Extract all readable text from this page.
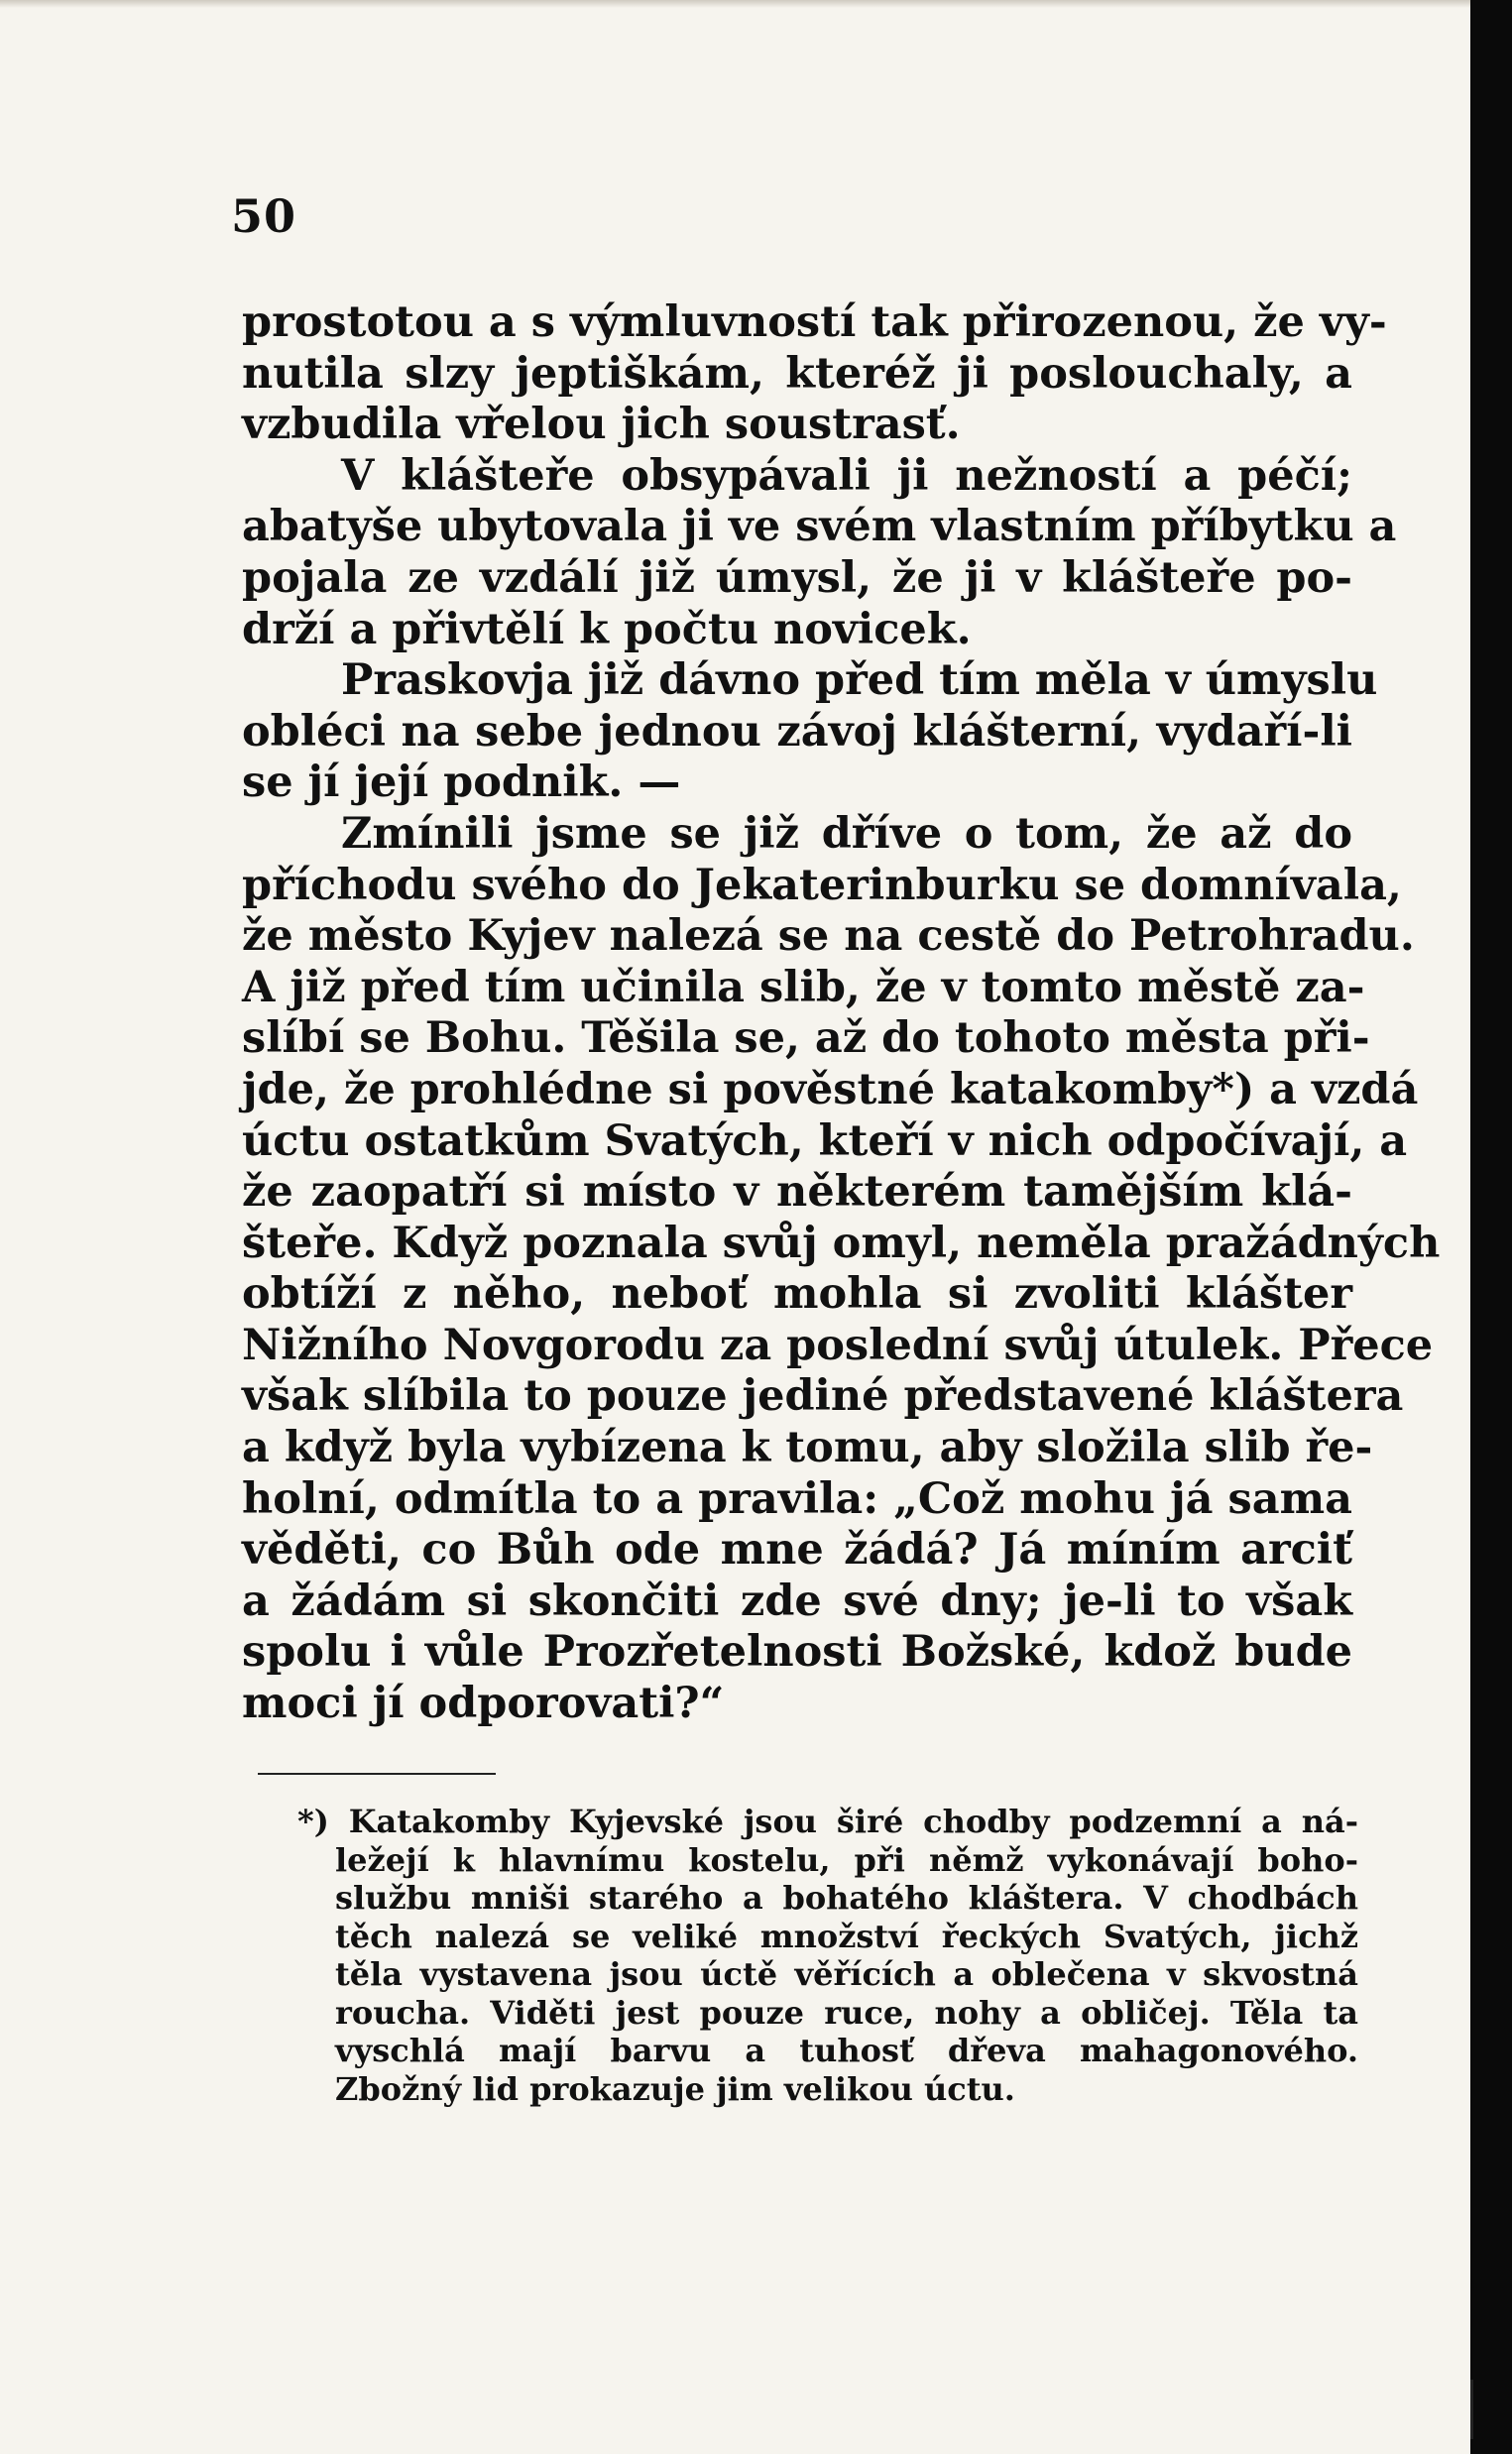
50
prostotou a s výmluvností tak přirozenou, že vy-
nutila slzy jeptiškám, kteréž ji poslouchaly, a
vzbudila vřelou jich soustrasť.
V klášteře obsypávali ji nežností a péčí;
abatyše ubytovala ji ve svém vlastním příbytku a
pojala ze vzdálí již úmysl, že ji v klášteře po-
drží a přivtělí k počtu novicek.
Praskovja již dávno před tím měla v úmyslu
obléci na sebe jednou závoj klášterní, vydaří-li
se jí její podnik. —
Zmínili jsme se již dříve o tom, že až do
příchodu svého do Jekaterinburku se domnívala,
že město Kyjev nalezá se na cestě do Petrohradu.
A již před tím učinila slib, že v tomto městě za-
slíbí se Bohu. Těšila se, až do tohoto města při-
jde, že prohlédne si pověstné katakomby*) a vzdá
úctu ostatkům Svatých, kteří v nich odpočívají, a
že zaopatří si místo v některém tamějším klá-
šteře. Když poznala svůj omyl, neměla pražádných
obtíží z něho, neboť mohla si zvoliti klášter
Nižního Novgorodu za poslední svůj útulek. Přece
však slíbila to pouze jediné představené kláštera
a když byla vybízena k tomu, aby složila slib ře-
holní, odmítla to a pravila: „Což mohu já sama
věděti, co Bůh ode mne žádá? Já míním arciť
a žádám si skončiti zde své dny; je-li to však
spolu i vůle Prozřetelnosti Božské, kdož bude
moci jí odporovati?“
*) Katakomby Kyjevské jsou širé chodby podzemní a ná-
ležejí k hlavnímu kostelu, při němž vykonávají boho-
službu mniši starého a bohatého kláštera. V chodbách
těch nalezá se veliké množství řeckých Svatých, jichž
těla vystavena jsou úctě věřících a oblečena v skvostná
roucha. Viděti jest pouze ruce, nohy a obličej. Těla ta
vyschlá mají barvu a tuhosť dřeva mahagonového.
Zbožný lid prokazuje jim velikou úctu.
